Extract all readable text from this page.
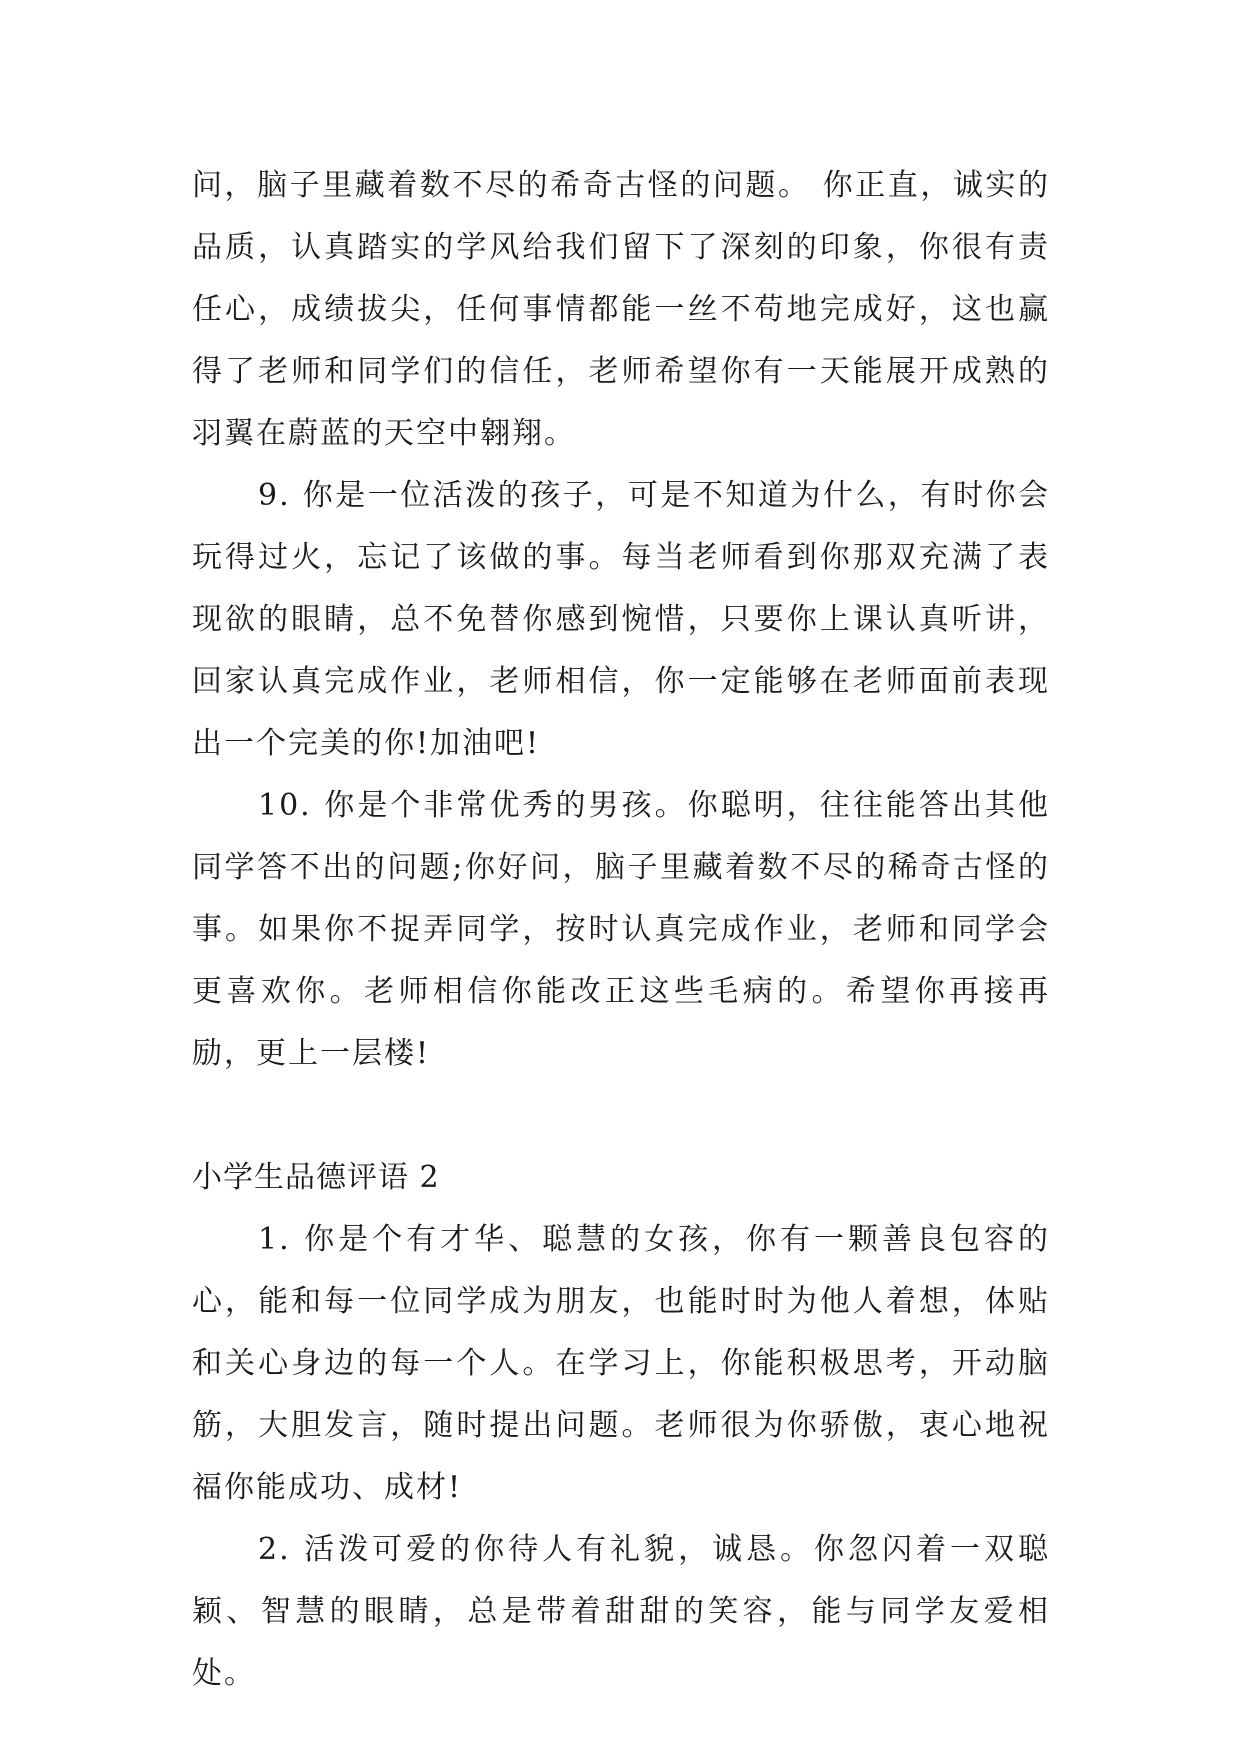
问，脑子里藏着数不尽的希奇古怪的问题。 你正直，诚实的品质，认真踏实的学风给我们留下了深刻的印象，你很有责任心，成绩拔尖，任何事情都能一丝不苟地完成好，这也赢得了老师和同学们的信任，老师希望你有一天能展开成熟的羽翼在蔚蓝的天空中翱翔。

9. 你是一位活泼的孩子，可是不知道为什么，有时你会玩得过火，忘记了该做的事。每当老师看到你那双充满了表现欲的眼睛，总不免替你感到惋惜，只要你上课认真听讲，回家认真完成作业，老师相信，你一定能够在老师面前表现出一个完美的你!加油吧!

10. 你是个非常优秀的男孩。你聪明，往往能答出其他同学答不出的问题;你好问，脑子里藏着数不尽的稀奇古怪的事。如果你不捉弄同学，按时认真完成作业，老师和同学会更喜欢你。老师相信你能改正这些毛病的。希望你再接再励，更上一层楼!

小学生品德评语 2

1. 你是个有才华、聪慧的女孩，你有一颗善良包容的心，能和每一位同学成为朋友，也能时时为他人着想，体贴和关心身边的每一个人。在学习上，你能积极思考，开动脑筋，大胆发言，随时提出问题。老师很为你骄傲，衷心地祝福你能成功、成材!

2. 活泼可爱的你待人有礼貌，诚恳。你忽闪着一双聪颖、智慧的眼睛，总是带着甜甜的笑容，能与同学友爱相处。
